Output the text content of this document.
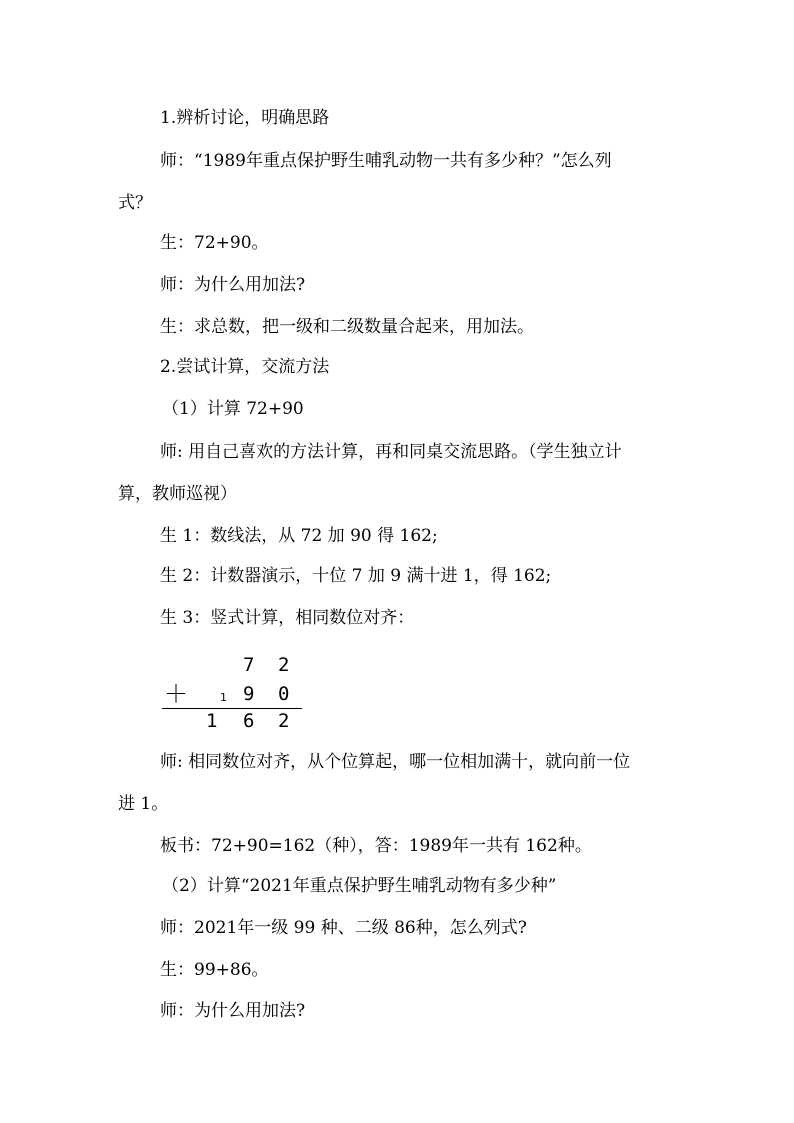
1.辨析讨论，明确思路
师：“1989年重点保护野生哺乳动物一共有多少种？”怎么列
式？
生：72+90。
师：为什么用加法?
生：求总数，把一级和二级数量合起来，用加法。
2.尝试计算，交流方法
（1）计算 72+90
师: 用自己喜欢的方法计算，再和同桌交流思路。（学生独立计
算，教师巡视）
生 1：数线法，从 72 加 90 得 162;
生 2：计数器演示，十位 7 加 9 满十进 1，得 162;
生 3：竖式计算，相同数位对齐：
7 2
＋	1 9 0
1 6 2
师: 相同数位对齐，从个位算起，哪一位相加满十，就向前一位
进 1。
板书：72+90=162（种），答：1989年一共有 162种。
（2）计算“2021年重点保护野生哺乳动物有多少种”
师：2021年一级 99 种、二级 86种，怎么列式?
生：99+86。
师：为什么用加法?
